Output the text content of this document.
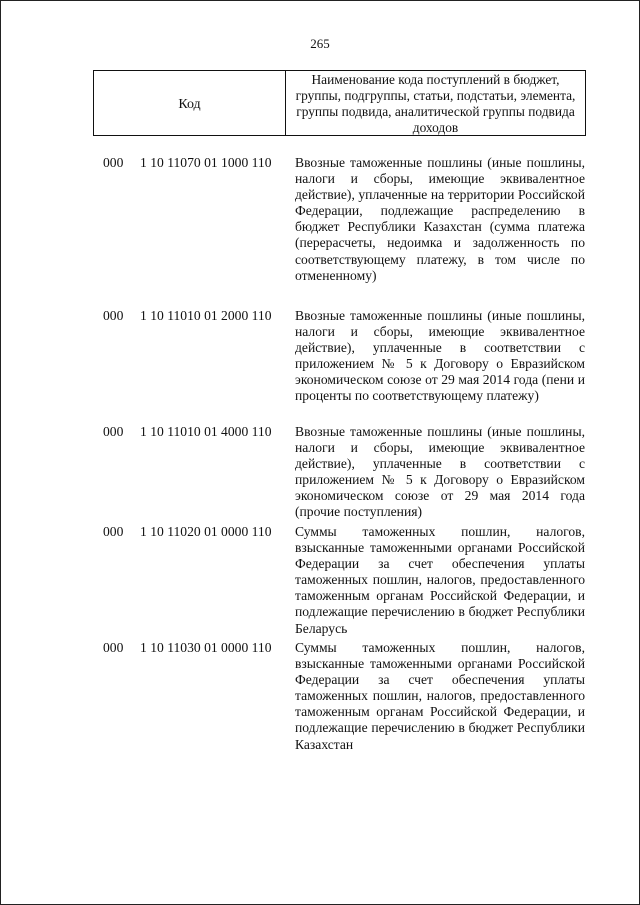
265
Код
Наименование кода поступлений в бюджет, группы, подгруппы, статьи, подстатьи, элемента, группы подвида, аналитической группы подвида доходов
000 1 10 11070 01 1000 110 Ввозные таможенные пошлины (иные пошлины, налоги и сборы, имеющие эквивалентное действие), уплаченные на территории Российской Федерации, подлежащие распределению в бюджет Республики Казахстан (сумма платежа (перерасчеты, недоимка и задолженность по соответствующему платежу, в том числе по отмененному)
000 1 10 11010 01 2000 110 Ввозные таможенные пошлины (иные пошлины, налоги и сборы, имеющие эквивалентное действие), уплаченные в соответствии с приложением № 5 к Договору о Евразийском экономическом союзе от 29 мая 2014 года (пени и проценты по соответствующему платежу)
000 1 10 11010 01 4000 110 Ввозные таможенные пошлины (иные пошлины, налоги и сборы, имеющие эквивалентное действие), уплаченные в соответствии с приложением № 5 к Договору о Евразийском экономическом союзе от 29 мая 2014 года (прочие поступления)
000 1 10 11020 01 0000 110 Суммы таможенных пошлин, налогов, взысканные таможенными органами Российской Федерации за счет обеспечения уплаты таможенных пошлин, налогов, предоставленного таможенным органам Российской Федерации, и подлежащие перечислению в бюджет Республики Беларусь
000 1 10 11030 01 0000 110 Суммы таможенных пошлин, налогов, взысканные таможенными органами Российской Федерации за счет обеспечения уплаты таможенных пошлин, налогов, предоставленного таможенным органам Российской Федерации, и подлежащие перечислению в бюджет Республики Казахстан
